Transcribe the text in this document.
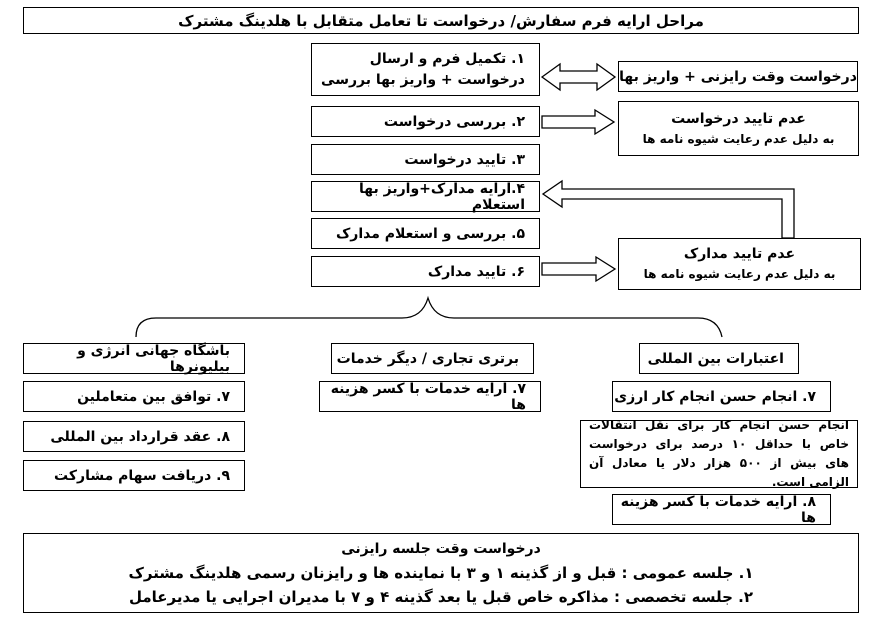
مراحل ارایه فرم سفارش/ درخواست تا تعامل متقابل با هلدینگ مشترک
۱. تکمیل فرم و ارسال
درخواست + واریز بها بررسی
۲. بررسی درخواست
۳. تایید درخواست
۴.ارایه مدارک+واریز بها استعلام
۵. بررسی و استعلام مدارک
۶. تایید مدارک
درخواست وقت رایزنی + واریز بها
عدم تایید درخواست
به دلیل عدم رعایت شیوه نامه ها
عدم تایید مدارک
به دلیل عدم رعایت شیوه نامه ها
باشگاه جهانی انرژی و بیلیونرها
۷. توافق بین متعاملین
۸. عقد قرارداد بین المللی
۹. دریافت سهام مشارکت
برتری تجاری / دیگر خدمات
۷. ارایه خدمات با کسر هزینه ها
اعتبارات بین المللی
۷. انجام حسن انجام کار ارزی
انجام حسن انجام کار برای نقل انتقالات خاص با حداقل ۱۰ درصد برای درخواست های بیش از ۵۰۰ هزار دلار یا معادل آن الزامی است.
۸. ارایه خدمات با کسر هزینه ها
درخواست وقت جلسه رایزنی
۱. جلسه عمومی : قبل و از گذینه ۱ و ۳ با نماینده ها و رایزنان رسمی هلدینگ مشترک
۲. جلسه تخصصی : مذاکره خاص قبل یا بعد گذینه ۴ و ۷ با مدیران اجرایی یا مدیرعامل
